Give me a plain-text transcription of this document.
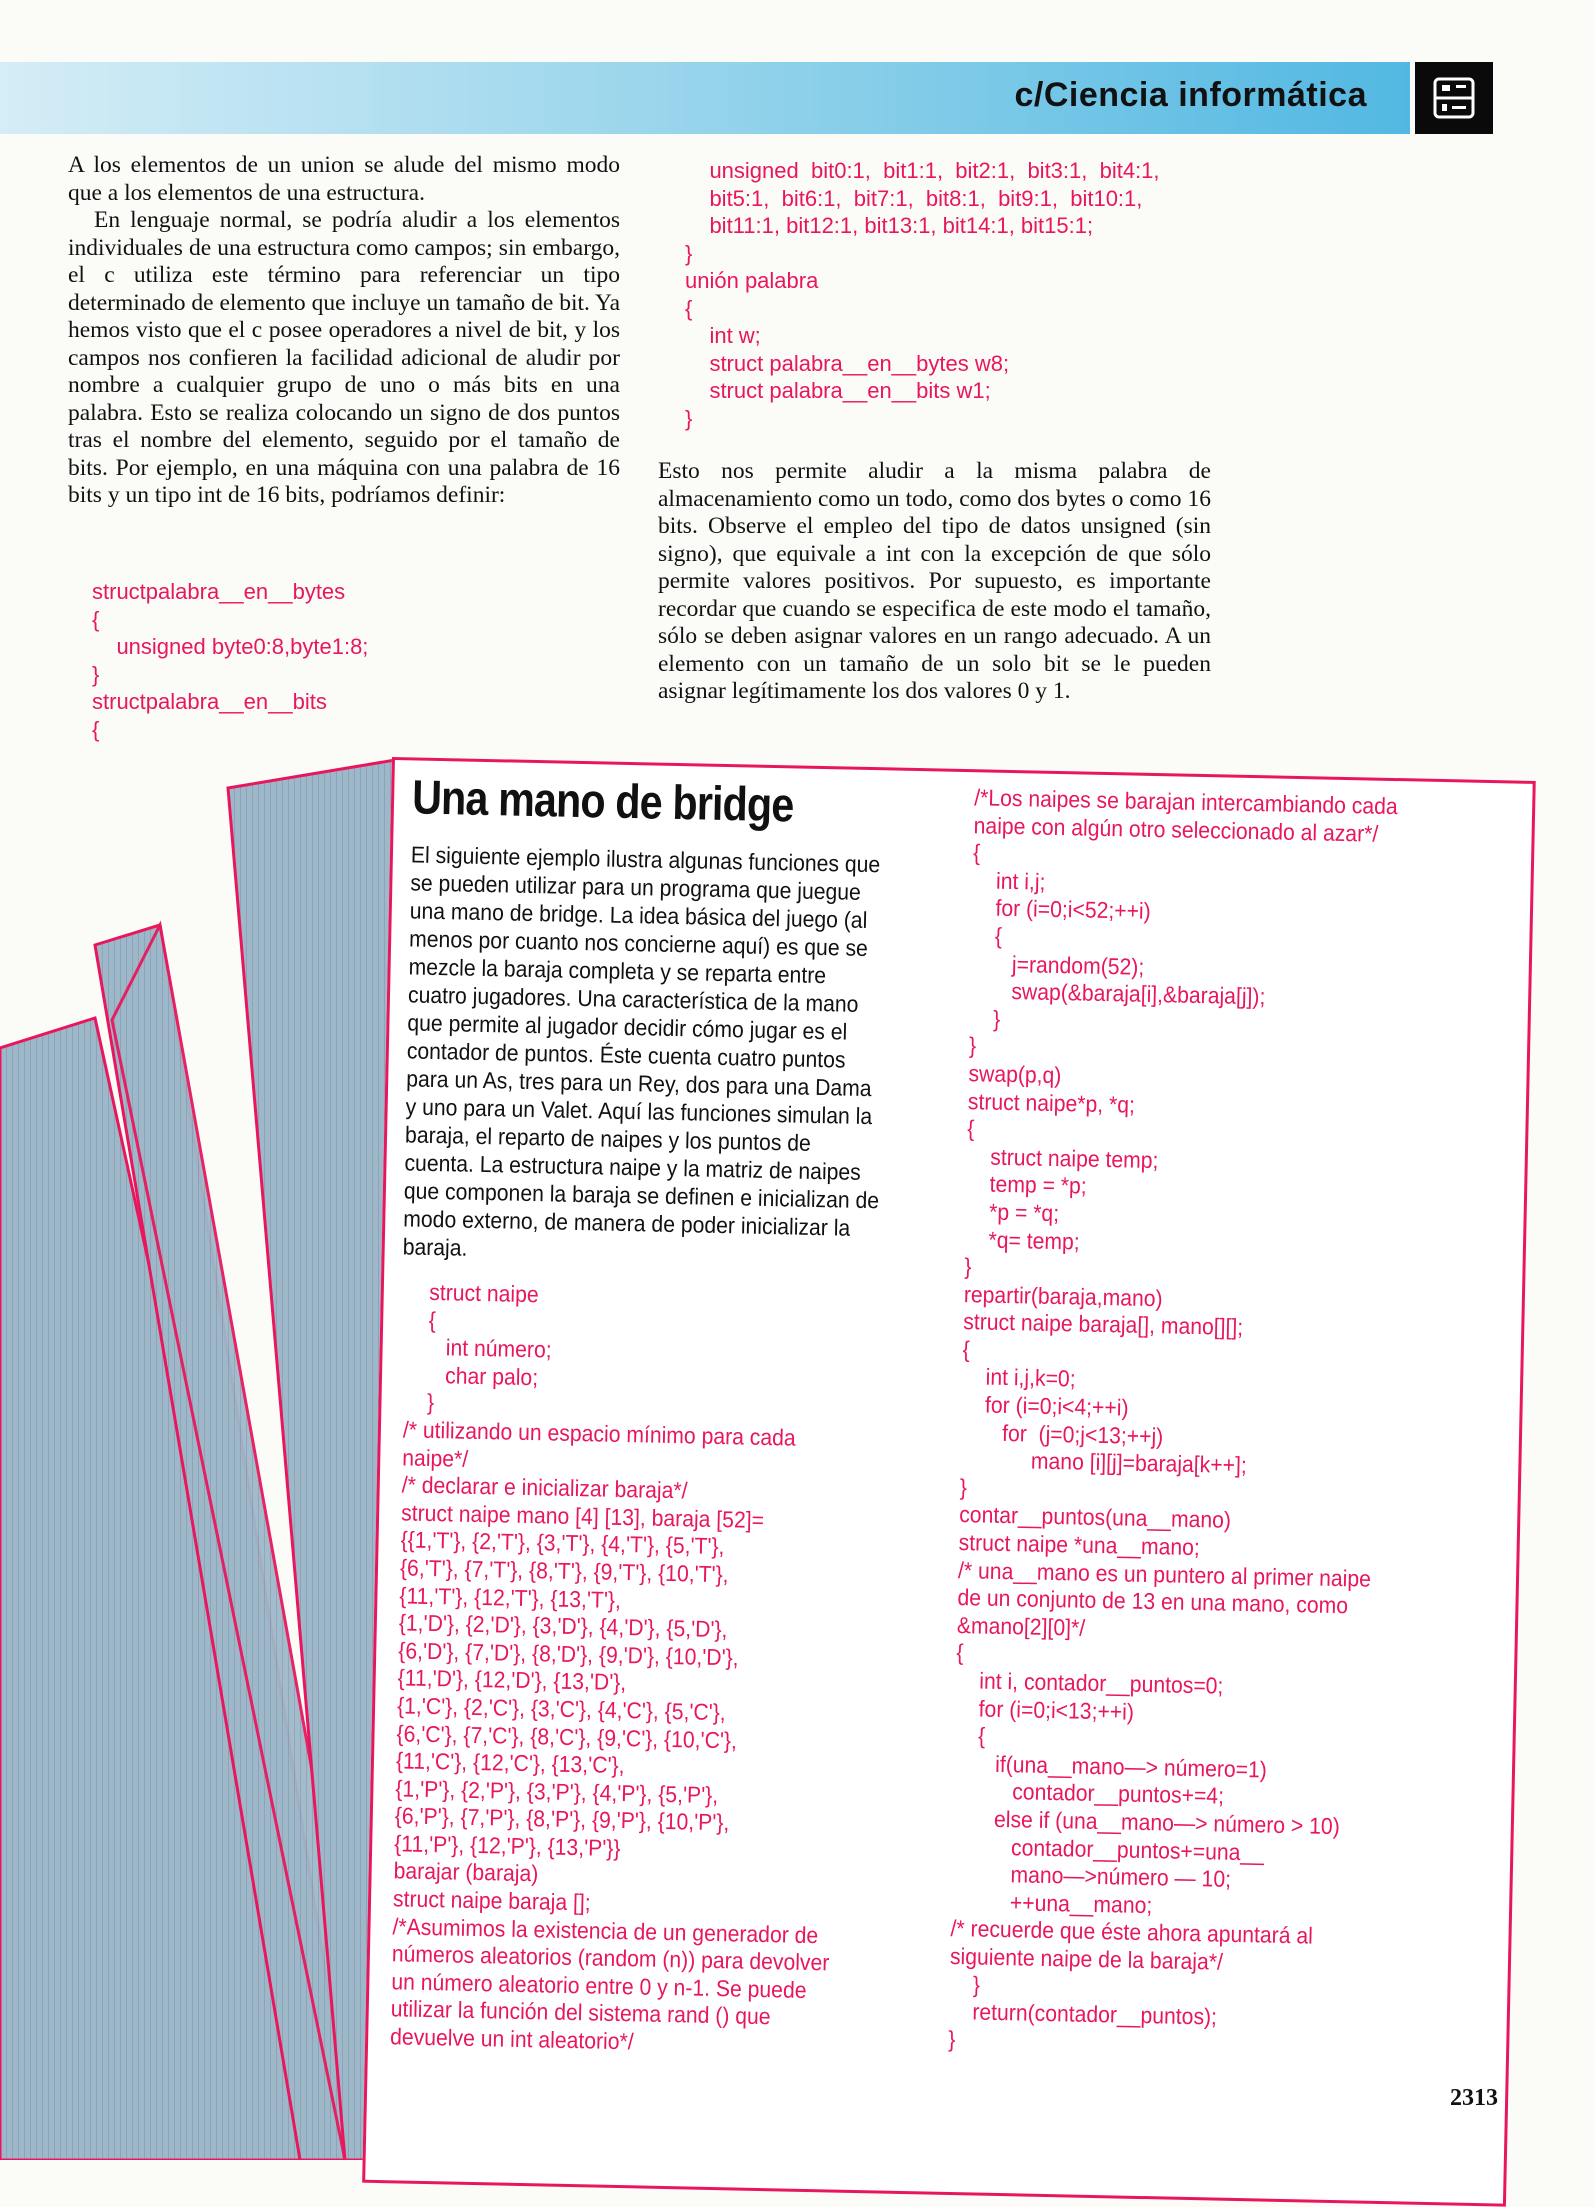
c/Ciencia informática

A los elementos de un union se alude del mismo modo que a los elementos de una estructura.

En lenguaje normal, se podría aludir a los elementos individuales de una estructura como campos; sin embargo, el c utiliza este término para referenciar un tipo determinado de elemento que incluye un tamaño de bit. Ya hemos visto que el c posee operadores a nivel de bit, y los campos nos confieren la facilidad adicional de aludir por nombre a cualquier grupo de uno o más bits en una palabra. Esto se realiza colocando un signo de dos puntos tras el nombre del elemento, seguido por el tamaño de bits. Por ejemplo, en una máquina con una palabra de 16 bits y un tipo int de 16 bits, podríamos definir:

structpalabra__en__bytes
{
unsigned byte0:8,byte1:8;
}
structpalabra__en__bits
{
unsigned  bit0:1,  bit1:1,  bit2:1,  bit3:1,  bit4:1,
bit5:1,  bit6:1,  bit7:1,  bit8:1,  bit9:1,  bit10:1,
bit11:1, bit12:1, bit13:1, bit14:1, bit15:1;
}
unión palabra
{
int w;
struct palabra__en__bytes w8;
struct palabra__en__bits w1;
}

Esto nos permite aludir a la misma palabra de almacenamiento como un todo, como dos bytes o como 16 bits. Observe el empleo del tipo de datos unsigned (sin signo), que equivale a int con la excepción de que sólo permite valores positivos. Por supuesto, es importante recordar que cuando se especifica de este modo el tamaño, sólo se deben asignar valores en un rango adecuado. A un elemento con un tamaño de un solo bit se le pueden asignar legítimamente los dos valores 0 y 1.

Una mano de bridge
El siguiente ejemplo ilustra algunas funciones que se pueden utilizar para un programa que juegue una mano de bridge. La idea básica del juego (al menos por cuanto nos concierne aquí) es que se mezcle la baraja completa y se reparta entre cuatro jugadores. Una característica de la mano que permite al jugador decidir cómo jugar es el contador de puntos. Éste cuenta cuatro puntos para un As, tres para un Rey, dos para una Dama y uno para un Valet. Aquí las funciones simulan la baraja, el reparto de naipes y los puntos de cuenta. La estructura naipe y la matriz de naipes que componen la baraja se definen e inicializan de modo externo, de manera de poder inicializar la baraja.
struct naipe
{
int número;
char palo;
}
/* utilizando un espacio mínimo para cada
naipe*/
/* declarar e inicializar baraja*/
struct naipe mano [4] [13], baraja [52]=
{{1,'T'}, {2,'T'}, {3,'T'}, {4,'T'}, {5,'T'},
{6,'T'}, {7,'T'}, {8,'T'}, {9,'T'}, {10,'T'},
{11,'T'}, {12,'T'}, {13,'T'},
{1,'D'}, {2,'D'}, {3,'D'}, {4,'D'}, {5,'D'},
{6,'D'}, {7,'D'}, {8,'D'}, {9,'D'}, {10,'D'},
{11,'D'}, {12,'D'}, {13,'D'},
{1,'C'}, {2,'C'}, {3,'C'}, {4,'C'}, {5,'C'},
{6,'C'}, {7,'C'}, {8,'C'}, {9,'C'}, {10,'C'},
{11,'C'}, {12,'C'}, {13,'C'},
{1,'P'}, {2,'P'}, {3,'P'}, {4,'P'}, {5,'P'},
{6,'P'}, {7,'P'}, {8,'P'}, {9,'P'}, {10,'P'},
{11,'P'}, {12,'P'}, {13,'P'}}
barajar (baraja)
struct naipe baraja [];
/*Asumimos la existencia de un generador de
números aleatorios (random (n)) para devolver
un número aleatorio entre 0 y n-1. Se puede
utilizar la función del sistema rand () que
devuelve un int aleatorio*/
/*Los naipes se barajan intercambiando cada
naipe con algún otro seleccionado al azar*/
{
int i,j;
for (i=0;i<52;++i)
{
j=random(52);
swap(&baraja[i],&baraja[j]);
}
}
swap(p,q)
struct naipe*p, *q;
{
struct naipe temp;
temp = *p;
*p = *q;
*q= temp;
}
repartir(baraja,mano)
struct naipe baraja[], mano[][];
{
int i,j,k=0;
for (i=0;i<4;++i)
for  (j=0;j<13;++j)
mano [i][j]=baraja[k++];
}
contar__puntos(una__mano)
struct naipe *una__mano;
/* una__mano es un puntero al primer naipe
de un conjunto de 13 en una mano, como
&mano[2][0]*/
{
int i, contador__puntos=0;
for (i=0;i<13;++i)
{
if(una__mano—> número=1)
contador__puntos+=4;
else if (una__mano—> número > 10)
contador__puntos+=una__
mano—>número — 10;
++una__mano;
/* recuerde que éste ahora apuntará al
siguiente naipe de la baraja*/
}
return(contador__puntos);
}
2313
